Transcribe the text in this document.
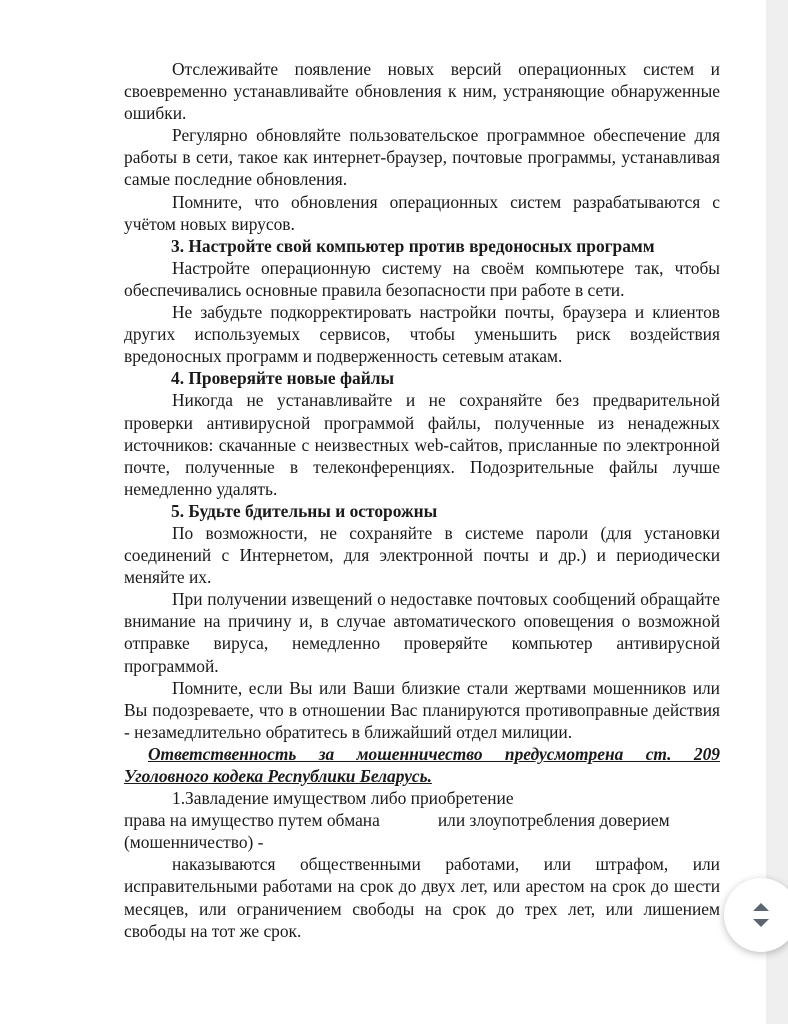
Отслеживайте появление новых версий операционных систем и своевременно устанавливайте обновления к ним, устраняющие обнаруженные ошибки.

Регулярно обновляйте пользовательское программное обеспечение для работы в сети, такое как интернет-браузер, почтовые программы, устанавливая самые последние обновления.

Помните, что обновления операционных систем разрабатываются с учётом новых вирусов.

3. Настройте свой компьютер против вредоносных программ

Настройте операционную систему на своём компьютере так, чтобы обеспечивались основные правила безопасности при работе в сети.

Не забудьте подкорректировать настройки почты, браузера и клиентов других используемых сервисов, чтобы уменьшить риск воздействия вредоносных программ и подверженность сетевым атакам.

4. Проверяйте новые файлы

Никогда не устанавливайте и не сохраняйте без предварительной проверки антивирусной программой файлы, полученные из ненадежных источников: скачанные с неизвестных web-сайтов, присланные по электронной почте, полученные в телеконференциях. Подозрительные файлы лучше немедленно удалять.

5. Будьте бдительны и осторожны

По возможности, не сохраняйте в системе пароли (для установки соединений с Интернетом, для электронной почты и др.) и периодически меняйте их.

При получении извещений о недоставке почтовых сообщений обращайте внимание на причину и, в случае автоматического оповещения о возможной отправке вируса, немедленно проверяйте компьютер антивирусной программой.

Помните, если Вы или Ваши близкие стали жертвами мошенников или Вы подозреваете, что в отношении Вас планируются противоправные действия - незамедлительно обратитесь в ближайший отдел милиции.

Ответственность за мошенничество предусмотрена ст. 209

Уголовного кодека Республики Беларусь.

1.Завладение имуществом либо приобретение

права на имущество путем обмана	или злоупотребления доверием

(мошенничество) -

наказываются общественными работами, или штрафом, или исправительными работами на срок до двух лет, или арестом на срок до шести месяцев, или ограничением свободы на срок до трех лет, или лишением свободы на тот же срок.
